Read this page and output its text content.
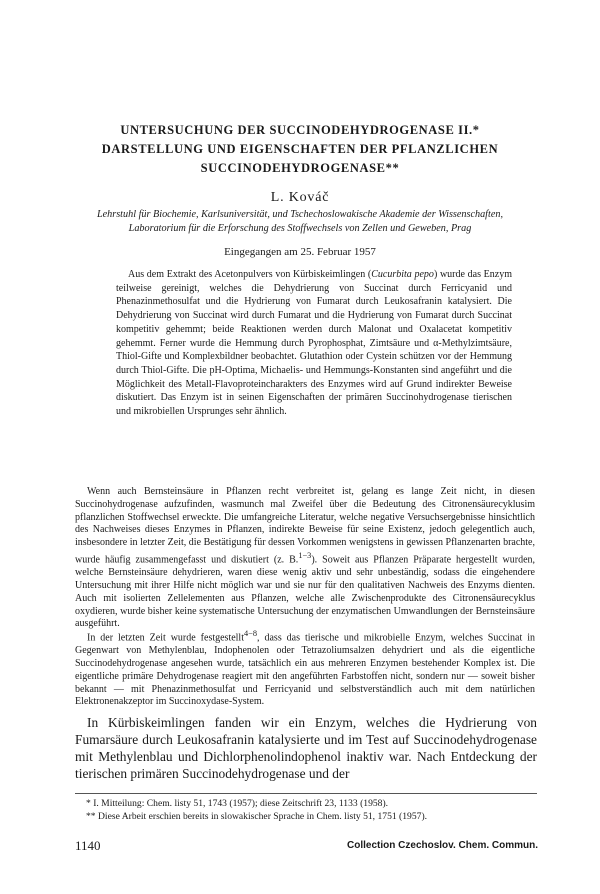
UNTERSUCHUNG DER SUCCINODEHYDROGENASE II.*
DARSTELLUNG UND EIGENSCHAFTEN DER PFLANZLICHEN
SUCCINODEHYDROGENASE**
L. Kováč
Lehrstuhl für Biochemie, Karlsuniversität, und Tschechoslowakische Akademie der Wissenschaften,
Laboratorium für die Erforschung des Stoffwechsels von Zellen und Geweben, Prag
Eingegangen am 25. Februar 1957

Aus dem Extrakt des Acetonpulvers von Kürbiskeimlingen (Cucurbita pepo) wurde das Enzym teilweise gereinigt, welches die Dehydrierung von Succinat durch Ferricyanid und Phenazinmethosulfat und die Hydrierung von Fumarat durch Leukosafranin katalysiert. Die Dehydrierung von Succinat wird durch Fumarat und die Hydrierung von Fumarat durch Succinat kompetitiv gehemmt; beide Reaktionen werden durch Malonat und Oxalacetat kompetitiv gehemmt. Ferner wurde die Hemmung durch Pyrophosphat, Zimtsäure und α-Methylzimtsäure, Thiol-Gifte und Komplexbildner beobachtet. Glutathion oder Cystein schützen vor der Hemmung durch Thiol-Gifte. Die pH-Optima, Michaelis- und Hemmungs-Konstanten sind angeführt und die Möglichkeit des Metall-Flavoproteincharakters des Enzymes wird auf Grund indirekter Beweise diskutiert. Das Enzym ist in seinen Eigenschaften der primären Succinohydrogenase tierischen und mikrobiellen Ursprunges sehr ähnlich.

Wenn auch Bernsteinsäure in Pflanzen recht verbreitet ist, gelang es lange Zeit nicht, in diesen Succinohydrogenase aufzufinden, wasmunch mal Zweifel über die Bedeutung des Citronensäurecyklusim pflanzlichen Stoffwechsel erweckte. Die umfangreiche Literatur, welche negative Versuchsergebnisse hinsichtlich des Nachweises dieses Enzymes in Pflanzen, indirekte Beweise für seine Existenz, jedoch gelegentlich auch, insbesondere in letzter Zeit, die Bestätigung für dessen Vorkommen wenigstens in gewissen Pflanzenarten brachte, wurde häufig zusammengefasst und diskutiert (z. B.$^{1-3}$). Soweit aus Pflanzen Präparate hergestellt wurden, welche Bernsteinsäure dehydrieren, waren diese wenig aktiv und sehr unbeständig, sodass die eingehendere Untersuchung mit ihrer Hilfe nicht möglich war und sie nur für den qualitativen Nachweis des Enzyms dienten. Auch mit isolierten Zellelementen aus Pflanzen, welche alle Zwischenprodukte des Citronensäurecyklus oxydieren, wurde bisher keine systematische Untersuchung der enzymatischen Umwandlungen der Bernsteinsäure ausgeführt.

In der letzten Zeit wurde festgestellt$^{4-8}$, dass das tierische und mikrobielle Enzym, welches Succinat in Gegenwart von Methylenblau, Indophenolen oder Tetrazoliumsalzen dehydriert und als die eigentliche Succinodehydrogenase angesehen wurde, tatsächlich ein aus mehreren Enzymen bestehender Komplex ist. Die eigentliche primäre Dehydrogenase reagiert mit den angeführten Farbstoffen nicht, sondern nur — soweit bisher bekannt — mit Phenazinmethosulfat und Ferricyanid und selbstverständlich auch mit dem natürlichen Elektronenakzeptor im Succinoxydase-System.

In Kürbiskeimlingen fanden wir ein Enzym, welches die Hydrierung von Fumarsäure durch Leukosafranin katalysierte und im Test auf Succinodehydrogenase mit Methylenblau und Dichlorphenolindophenol inaktiv war. Nach Entdeckung der tierischen primären Succinodehydrogenase und der

* I. Mitteilung: Chem. listy 51, 1743 (1957); diese Zeitschrift 23, 1133 (1958).
** Diese Arbeit erschien bereits in slowakischer Sprache in Chem. listy 51, 1751 (1957).
1140	Collection Czechoslov. Chem. Commun.
